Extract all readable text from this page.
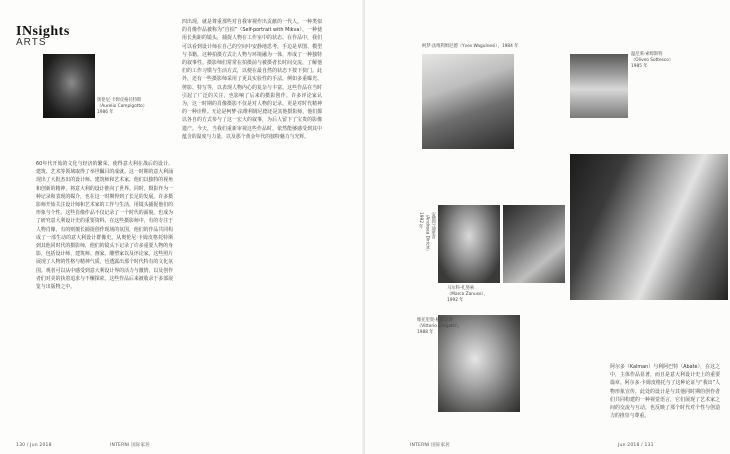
INsights
ARTS
奥伦尼·卡姆皮格托特斯
（Aurelio Campigotto）
1986 年
60年代开始的文化与经济的繁荣，使得意大利在战后的设计、建筑、艺术等领域取得了举世瞩目的成就。这一时期的意大利涌现出了大批杰出的设计师、建筑师和艺术家，他们以独特的视角和创新的精神，将意大利的设计推向了世界。同时，摄影作为一种记录和表现的媒介，也在这一时期得到了长足的发展。许多摄影师开始关注设计师和艺术家的工作与生活，用镜头捕捉他们的形象与个性。这些肖像作品不仅记录了一个时代的面貌，也成为了研究意大利设计史的重要资料。在这些摄影师中，有的专注于人物肖像，有的则擅长捕捉创作现场的氛围，他们的作品共同构成了一部生动的意大利设计群像史。从奥伦尼·卡姆皮格托特斯到其他同时代的摄影师，他们的镜头下记录了许多重要人物的身影，包括设计师、建筑师、画家、雕塑家以及评论家。这些照片展现了人物的性格与精神气质，也透露出那个时代特有的文化氛围。观者可以从中感受到意大利设计界的活力与激情，以及创作者们对美的执着追求与不懈探索。这些作品后来被收录于多部展览与出版物之中。
四出现，就是尊重那些对自我审视作出贡献的一代人。一种类似的肖像作品被称为“自拍”（Self-portrait with Mikva），一种使用长焦距的镜头，捕捉人物在工作室中的状态。在作品中，我们可以看到设计师在自己的空间中安静地思考，手边是草图、模型与书籍。这种拍摄方式让人物与环境融为一体，形成了一种独特的叙事性。摄影师们常常在拍摄前与被摄者长时间交流，了解他们的工作习惯与生活方式，以便在最自然的状态下按下快门。此外，还有一些摄影师采用了更具实验性的手法，例如多重曝光、剪影、特写等，以表现人物内心的复杂与丰富。这些作品在当时引起了广泛的关注，也影响了后来的摄影创作。许多评论家认为，这一时期的肖像摄影不仅是对人物的记录，更是对时代精神的一种诠释。无论是柯梦·法维利姆尼德还是其他摄影师，他们都以各自的方式参与了这一宏大的叙事，为后人留下了宝贵的影像遗产。今天，当我们重新审视这些作品时，依然能够感受到其中蕴含的温度与力量，以及那个黄金年代的独特魅力与光辉。
柯梦·法维利姆尼德（Yves Wagulnesi），1984 年
温尼莱·索姆斯特
（Oliveo Sottesco）
1985 年
安德烈·迪里奇
（Andreea Dirichi）
1992 年
马尔科·扎努索
（Marco Zanuso），
1992 年
维托里奥·格雷戈蒂
（Vittorio Gregotti），
1988 年
阿尔多（Kalman）与利阿巴特（Abate），在这之中，主体作品显著，而且是意大利设计史上的重要篇章。阿尔多·卡姆皮格托与了这种论证与“我出”人物形象宣传，此处的设计是与其他同时期的创作者们共同构建的一种视觉语言，它们展现了艺术家之间的交流与互动，也反映了那个时代对个性与创造力的推崇与尊重。
130 / Jun 2018	INTERNI 国际家居	INTERNI 国际家居	Jun 2018 / 131
